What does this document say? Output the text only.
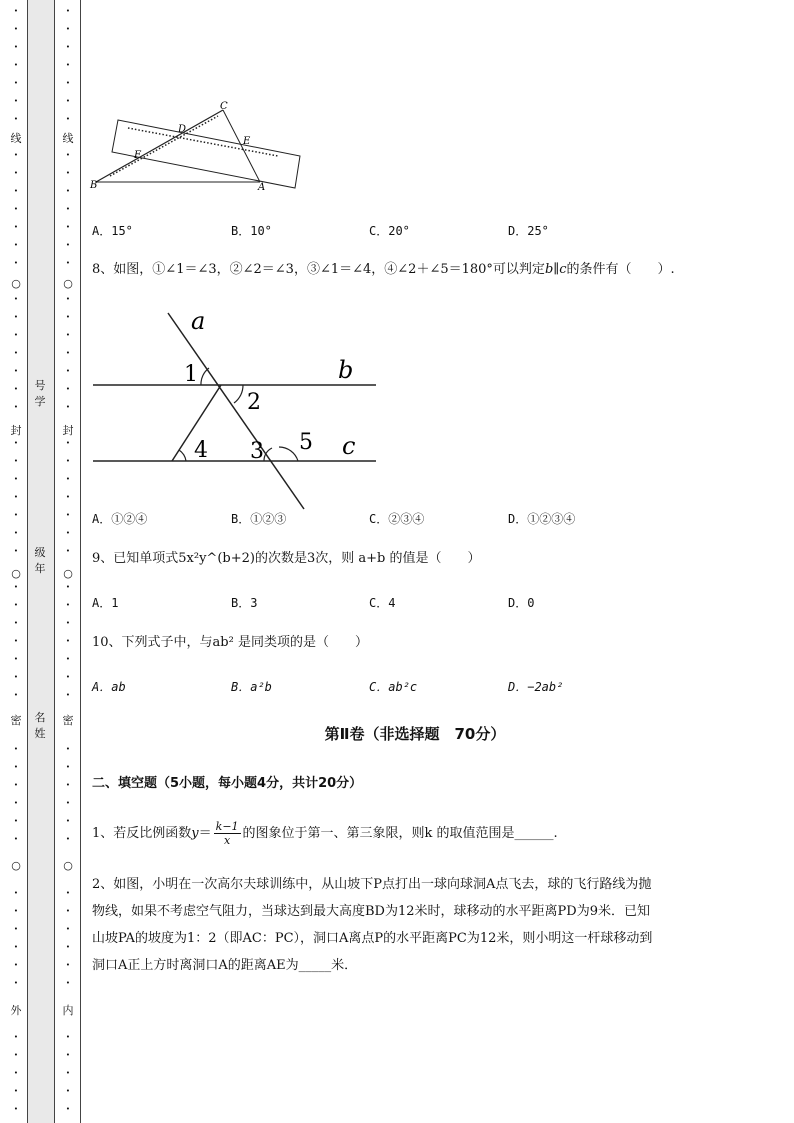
•
•
•
•
•
•
•
•
•
•
•
•
•
•
•
•
•
•
•
•
•
•
•
•
•
•
•
•
•
•
•
•
•
•
•
•
•
•
•
•
•
•
•
•
•
•
•
•
•
•
•
•
线
○
封
○
密
○
外
•
•
•
•
•
•
•
•
•
•
•
•
•
•
•
•
•
•
•
•
•
•
•
•
•
•
•
•
•
•
•
•
•
•
•
•
•
•
•
•
•
•
•
•
•
•
•
•
•
•
•
•
线
○
封
○
密
○
内
号学
级年
名姓
C
D
E
F
B	A
A．15°	B．10°	C．20°	D．25°
8、如图，①∠1＝∠3，②∠2＝∠3，③∠1＝∠4，④∠2＋∠5＝180°可以判定b∥c的条件有（　　）.
a
b
c
1
2
3
4	5
A．①②④	B．①②③	C．②③④	D．①②③④
9、已知单项式5x²y^(b+2)的次数是3次，则 a+b 的值是（　　）
A．1	B．3	C．4	D．0
10、下列式子中，与ab² 是同类项的是（　　）
A．ab	B．a²b	C．ab²c	D．−2ab²
第Ⅱ卷（非选择题　70分）
二、填空题（5小题，每小题4分，共计20分）
1、若反比例函数$y= \frac{k-1}{x}$ 的图象位于第一、第三象限，则k 的取值范围是______.
2、如图，小明在一次高尔夫球训练中，从山坡下P点打出一球向球洞A点飞去，球的飞行路线为抛
物线，如果不考虑空气阻力，当球达到最大高度BD为12米时，球移动的水平距离PD为9米．已知
山坡PA的坡度为1：2（即AC：PC），洞口A离点P的水平距离PC为12米，则小明这一杆球移动到
洞口A正上方时离洞口A的距离AE为_____米．
